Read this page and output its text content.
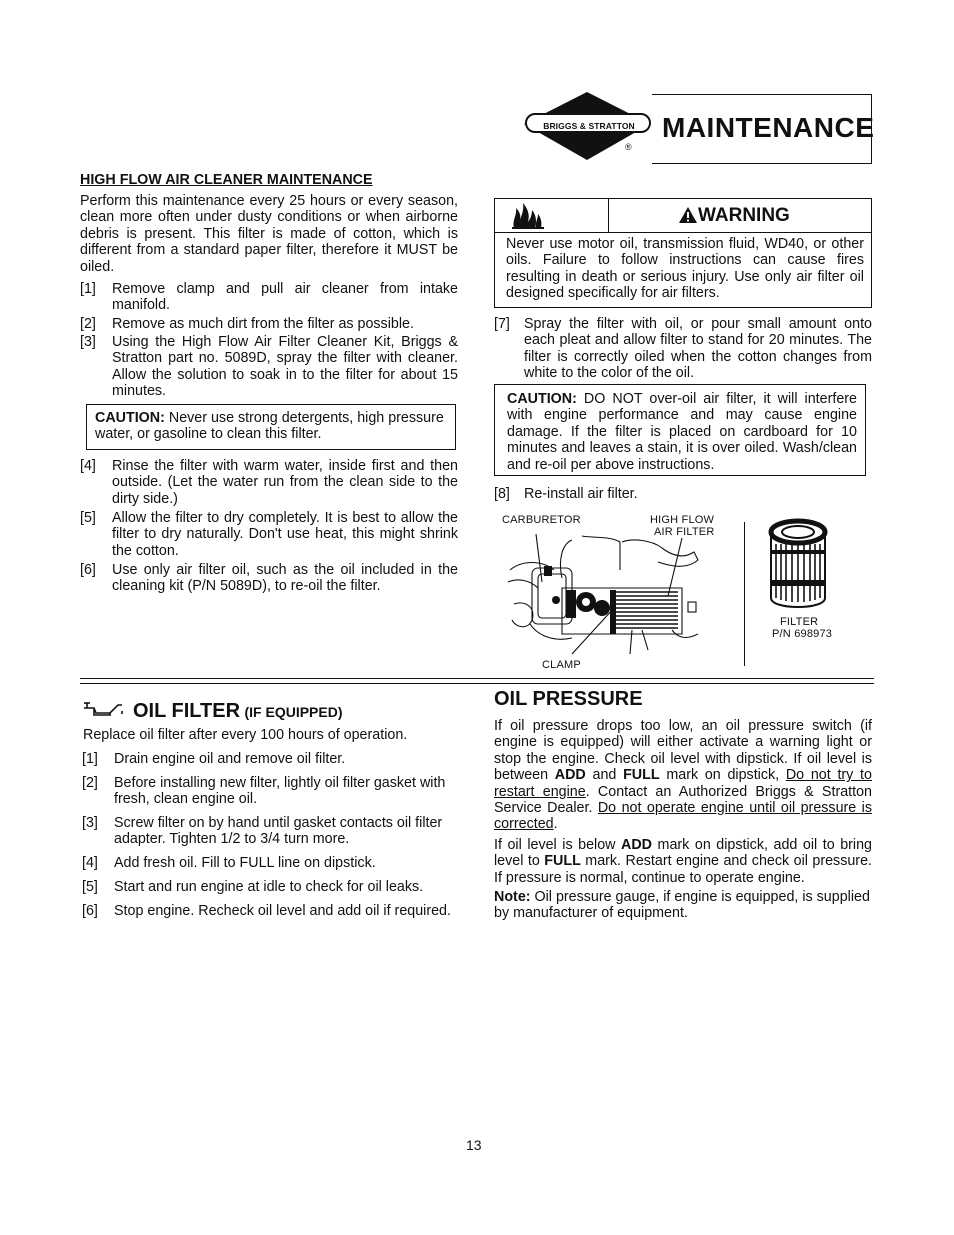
BRIGGS & STRATTON
®
MAINTENANCE
HIGH FLOW AIR CLEANER MAINTENANCE
Perform this maintenance every 25 hours or every season, clean more often under dusty conditions or when airborne debris is present. This filter is made of cotton, which is different from a standard paper filter, therefore it MUST be oiled.
[1] Remove clamp and pull air cleaner from intake manifold.
[2] Remove as much dirt from the filter as possible.
[3] Using the High Flow Air Filter Cleaner Kit, Briggs & Stratton part no. 5089D, spray the filter with cleaner. Allow the solution to soak in to the filter for about 15 minutes.
CAUTION: Never use strong detergents, high pressure water, or gasoline to clean this filter.
[4] Rinse the filter with warm water, inside first and then outside. (Let the water run from the clean side to the dirty side.)
[5] Allow the filter to dry completely. It is best to allow the filter to dry naturally. Don't use heat, this might shrink the cotton.
[6] Use only air filter oil, such as the oil included in the cleaning kit (P/N 5089D), to re-oil the filter.
WARNING
Never use motor oil, transmission fluid, WD40, or other oils. Failure to follow instructions can cause fires resulting in death or serious injury. Use only air filter oil designed specifically for air filters.
[7] Spray the filter with oil, or pour small amount onto each pleat and allow filter to stand for 20 minutes. The filter is correctly oiled when the cotton changes from white to the color of the oil.
CAUTION: DO NOT over-oil air filter, it will interfere with engine performance and may cause engine damage. If the filter is placed on cardboard for 10 minutes and leaves a stain, it is over oiled. Wash/clean and re-oil per above instructions.
[8] Re-install air filter.
CARBURETOR	HIGH FLOW
AIR FILTER
CLAMP
FILTER
P/N 698973
OIL FILTER (IF EQUIPPED)
Replace oil filter after every 100 hours of operation.
[1] Drain engine oil and remove oil filter.
[2] Before installing new filter, lightly oil filter gasket with fresh, clean engine oil.
[3] Screw filter on by hand until gasket contacts oil filter adapter. Tighten 1/2 to 3/4 turn more.
[4] Add fresh oil. Fill to FULL line on dipstick.
[5] Start and run engine at idle to check for oil leaks.
[6] Stop engine. Recheck oil level and add oil if required.
OIL PRESSURE
If oil pressure drops too low, an oil pressure switch (if engine is equipped) will either activate a warning light or stop the engine. Check oil level with dipstick. If oil level is between ADD and FULL mark on dipstick, Do not try to restart engine. Contact an Authorized Briggs & Stratton Service Dealer. Do not operate engine until oil pressure is corrected.
If oil level is below ADD mark on dipstick, add oil to bring level to FULL mark. Restart engine and check oil pressure. If pressure is normal, continue to operate engine.
Note: Oil pressure gauge, if engine is equipped, is supplied by manufacturer of equipment.
13
